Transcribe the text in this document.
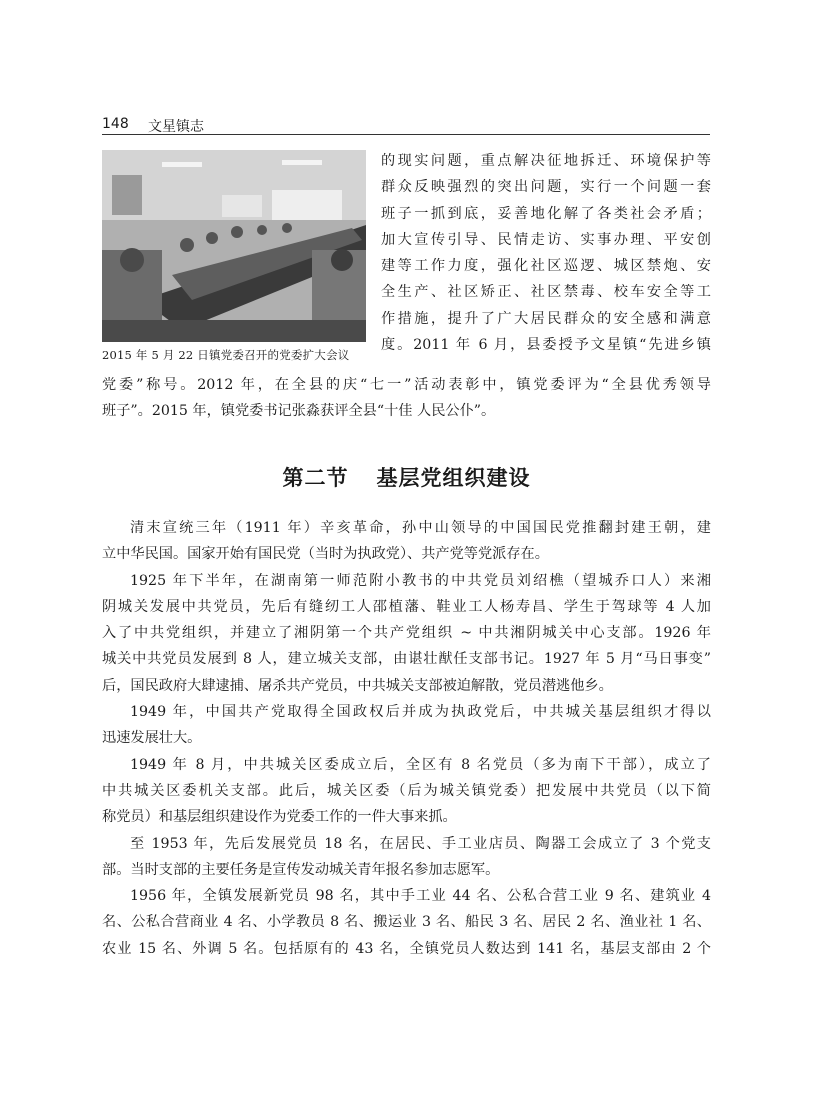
148 文星镇志
2015 年 5 月 22 日镇党委召开的党委扩大会议
的现实问题，重点解决征地拆迁、环境保护等
群众反映强烈的突出问题，实行一个问题一套
班子一抓到底，妥善地化解了各类社会矛盾；
加大宣传引导、民情走访、实事办理、平安创
建等工作力度，强化社区巡逻、城区禁炮、安
全生产、社区矫正、社区禁毒、校车安全等工
作措施，提升了广大居民群众的安全感和满意
度。2011 年 6 月，县委授予文星镇“先进乡镇
党委”称号。2012 年，在全县的庆“七一”活动表彰中，镇党委评为“全县优秀领导
班子”。2015 年，镇党委书记张淼获评全县“十佳 人民公仆”。
第二节 基层党组织建设
清末宣统三年（1911 年）辛亥革命，孙中山领导的中国国民党推翻封建王朝，建
立中华民国。国家开始有国民党（当时为执政党）、共产党等党派存在。
1925 年下半年，在湖南第一师范附小教书的中共党员刘绍樵（望城乔口人）来湘
阴城关发展中共党员，先后有缝纫工人邵植藩、鞋业工人杨寿昌、学生于驾球等 4 人加
入了中共党组织，并建立了湘阴第一个共产党组织 ~ 中共湘阴城关中心支部。1926 年
城关中共党员发展到 8 人，建立城关支部，由谌壮猷任支部书记。1927 年 5 月“马日事变”
后，国民政府大肆逮捕、屠杀共产党员，中共城关支部被迫解散，党员潜逃他乡。
1949 年，中国共产党取得全国政权后并成为执政党后，中共城关基层组织才得以
迅速发展壮大。
1949 年 8 月，中共城关区委成立后，全区有 8 名党员（多为南下干部），成立了
中共城关区委机关支部。此后，城关区委（后为城关镇党委）把发展中共党员（以下简
称党员）和基层组织建设作为党委工作的一件大事来抓。
至 1953 年，先后发展党员 18 名，在居民、手工业店员、陶器工会成立了 3 个党支
部。当时支部的主要任务是宣传发动城关青年报名参加志愿军。
1956 年，全镇发展新党员 98 名，其中手工业 44 名、公私合营工业 9 名、建筑业 4
名、公私合营商业 4 名、小学教员 8 名、搬运业 3 名、船民 3 名、居民 2 名、渔业社 1 名、
农业 15 名、外调 5 名。包括原有的 43 名，全镇党员人数达到 141 名，基层支部由 2 个
